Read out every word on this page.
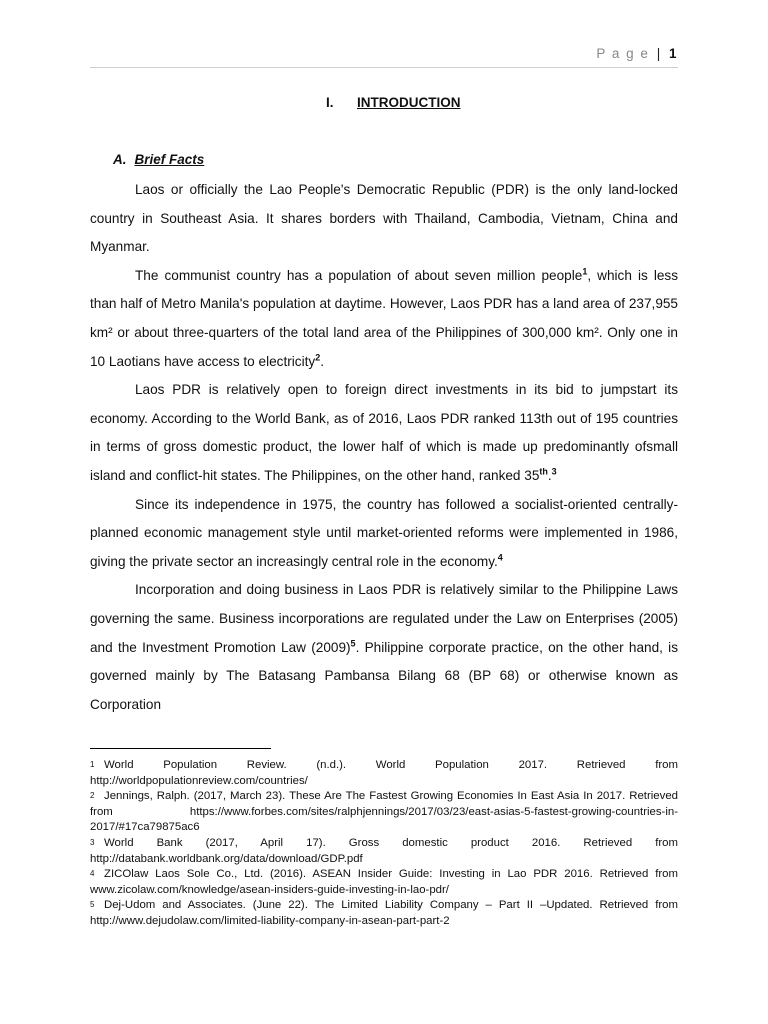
P a g e | 1
I. INTRODUCTION
A. Brief Facts

Laos or officially the Lao People's Democratic Republic (PDR) is the only land-locked country in Southeast Asia. It shares borders with Thailand, Cambodia, Vietnam, China and Myanmar.

The communist country has a population of about seven million people$^1$, which is less than half of Metro Manila's population at daytime. However, Laos PDR has a land area of 237,955 km² or about three-quarters of the total land area of the Philippines of 300,000 km². Only one in 10 Laotians have access to electricity$^2$.

Laos PDR is relatively open to foreign direct investments in its bid to jumpstart its economy. According to the World Bank, as of 2016, Laos PDR ranked 113th out of 195 countries in terms of gross domestic product, the lower half of which is made up predominantly ofsmall island and conflict-hit states. The Philippines, on the other hand, ranked 35th.$^3$

Since its independence in 1975, the country has followed a socialist-oriented centrally-planned economic management style until market-oriented reforms were implemented in 1986, giving the private sector an increasingly central role in the economy.$^4$

Incorporation and doing business in Laos PDR is relatively similar to the Philippine Laws governing the same. Business incorporations are regulated under the Law on Enterprises (2005) and the Investment Promotion Law $(2009)^5$. Philippine corporate practice, on the other hand, is governed mainly by The Batasang Pambansa Bilang 68 (BP 68) or otherwise known as Corporation

1 World Population Review. (n.d.). World Population 2017. Retrieved from http://worldpopulationreview.com/countries/

2 Jennings, Ralph. (2017, March 23). These Are The Fastest Growing Economies In East Asia In 2017. Retrieved from https://www.forbes.com/sites/ralphjennings/2017/03/23/east-asias-5-fastest-growing-countries-in-2017/#17ca79875ac6

3 World Bank (2017, April 17). Gross domestic product 2016. Retrieved from http://databank.worldbank.org/data/download/GDP.pdf

4 ZICOlaw Laos Sole Co., Ltd. (2016). ASEAN Insider Guide: Investing in Lao PDR 2016. Retrieved from www.zicolaw.com/knowledge/asean-insiders-guide-investing-in-lao-pdr/

5 Dej-Udom and Associates. (June 22). The Limited Liability Company – Part II –Updated. Retrieved from http://www.dejudolaw.com/limited-liability-company-in-asean-part-part-2
